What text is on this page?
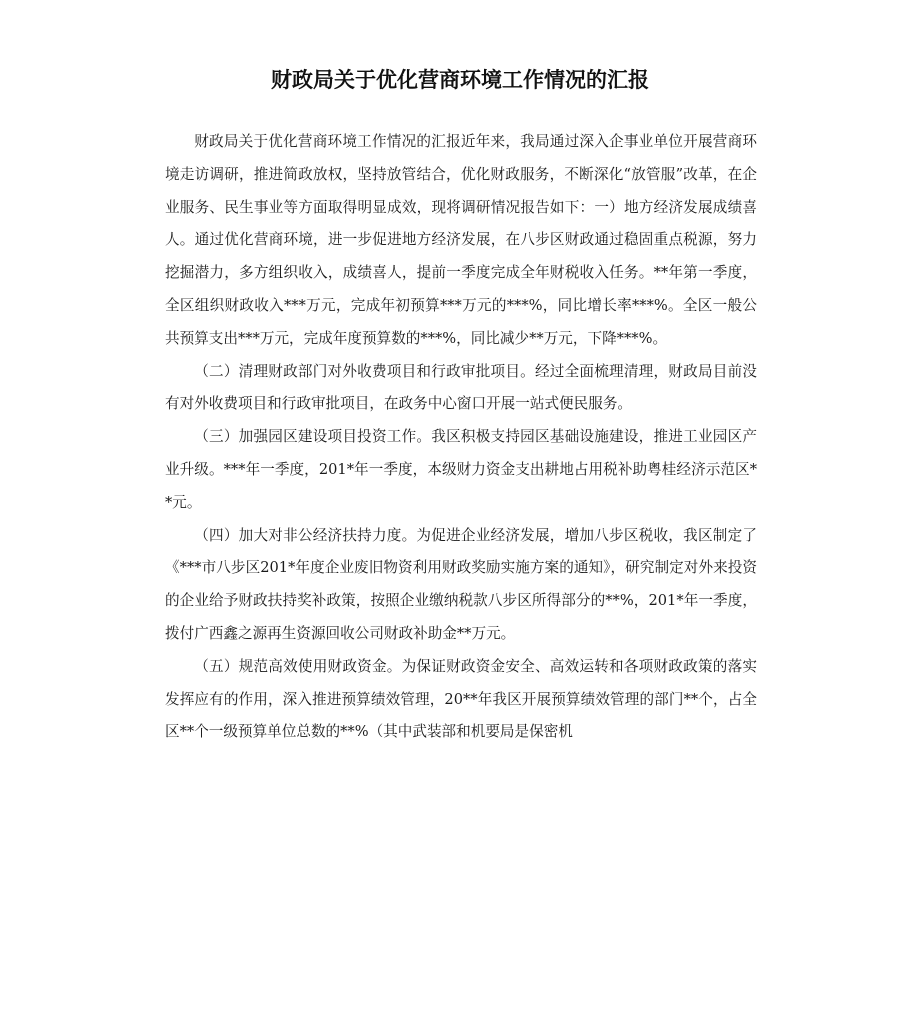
财政局关于优化营商环境工作情况的汇报

财政局关于优化营商环境工作情况的汇报近年来，我局通过深入企事业单位开展营商环境走访调研，推进简政放权，坚持放管结合，优化财政服务，不断深化“放管服”改革，在企业服务、民生事业等方面取得明显成效，现将调研情况报告如下：一）地方经济发展成绩喜人。通过优化营商环境，进一步促进地方经济发展，在八步区财政通过稳固重点税源，努力挖掘潜力，多方组织收入，成绩喜人，提前一季度完成全年财税收入任务。**年第一季度，全区组织财政收入***万元，完成年初预算***万元的***%，同比增长率***%。全区一般公共预算支出***万元，完成年度预算数的***%，同比减少**万元，下降***%。

（二）清理财政部门对外收费项目和行政审批项目。经过全面梳理清理，财政局目前没有对外收费项目和行政审批项目，在政务中心窗口开展一站式便民服务。

（三）加强园区建设项目投资工作。我区积极支持园区基础设施建设，推进工业园区产业升级。***年一季度，201*年一季度，本级财力资金支出耕地占用税补助粤桂经济示范区**元。

（四）加大对非公经济扶持力度。为促进企业经济发展，增加八步区税收，我区制定了《***市八步区201*年度企业废旧物资利用财政奖励实施方案的通知》，研究制定对外来投资的企业给予财政扶持奖补政策，按照企业缴纳税款八步区所得部分的**%，201*年一季度，拨付广西鑫之源再生资源回收公司财政补助金**万元。

（五）规范高效使用财政资金。为保证财政资金安全、高效运转和各项财政政策的落实发挥应有的作用，深入推进预算绩效管理，20**年我区开展预算绩效管理的部门**个，占全区**个一级预算单位总数的**%（其中武装部和机要局是保密机
